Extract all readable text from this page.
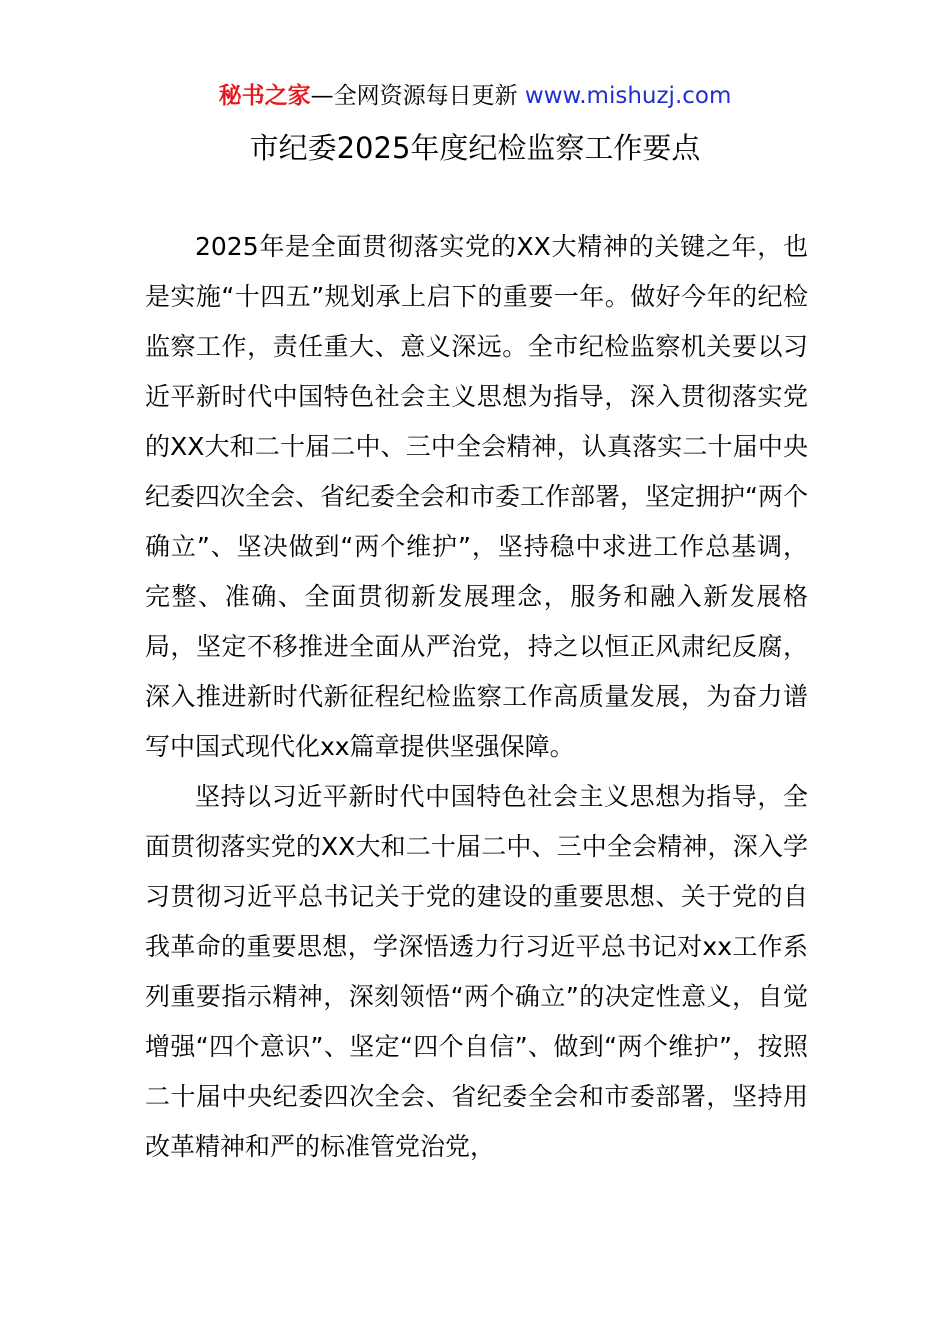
秘书之家—全网资源每日更新 www.mishuzj.com
市纪委2025年度纪检监察工作要点

2025年是全面贯彻落实党的XX大精神的关键之年，也是实施“十四五”规划承上启下的重要一年。做好今年的纪检监察工作，责任重大、意义深远。全市纪检监察机关要以习近平新时代中国特色社会主义思想为指导，深入贯彻落实党的XX大和二十届二中、三中全会精神，认真落实二十届中央纪委四次全会、省纪委全会和市委工作部署，坚定拥护“两个确立”、坚决做到“两个维护”，坚持稳中求进工作总基调，完整、准确、全面贯彻新发展理念，服务和融入新发展格局，坚定不移推进全面从严治党，持之以恒正风肃纪反腐，深入推进新时代新征程纪检监察工作高质量发展，为奋力谱写中国式现代化xx篇章提供坚强保障。

坚持以习近平新时代中国特色社会主义思想为指导，全面贯彻落实党的XX大和二十届二中、三中全会精神，深入学习贯彻习近平总书记关于党的建设的重要思想、关于党的自我革命的重要思想，学深悟透力行习近平总书记对xx工作系列重要指示精神，深刻领悟“两个确立”的决定性意义，自觉增强“四个意识”、坚定“四个自信”、做到“两个维护”，按照二十届中央纪委四次全会、省纪委全会和市委部署，坚持用改革精神和严的标准管党治党，
